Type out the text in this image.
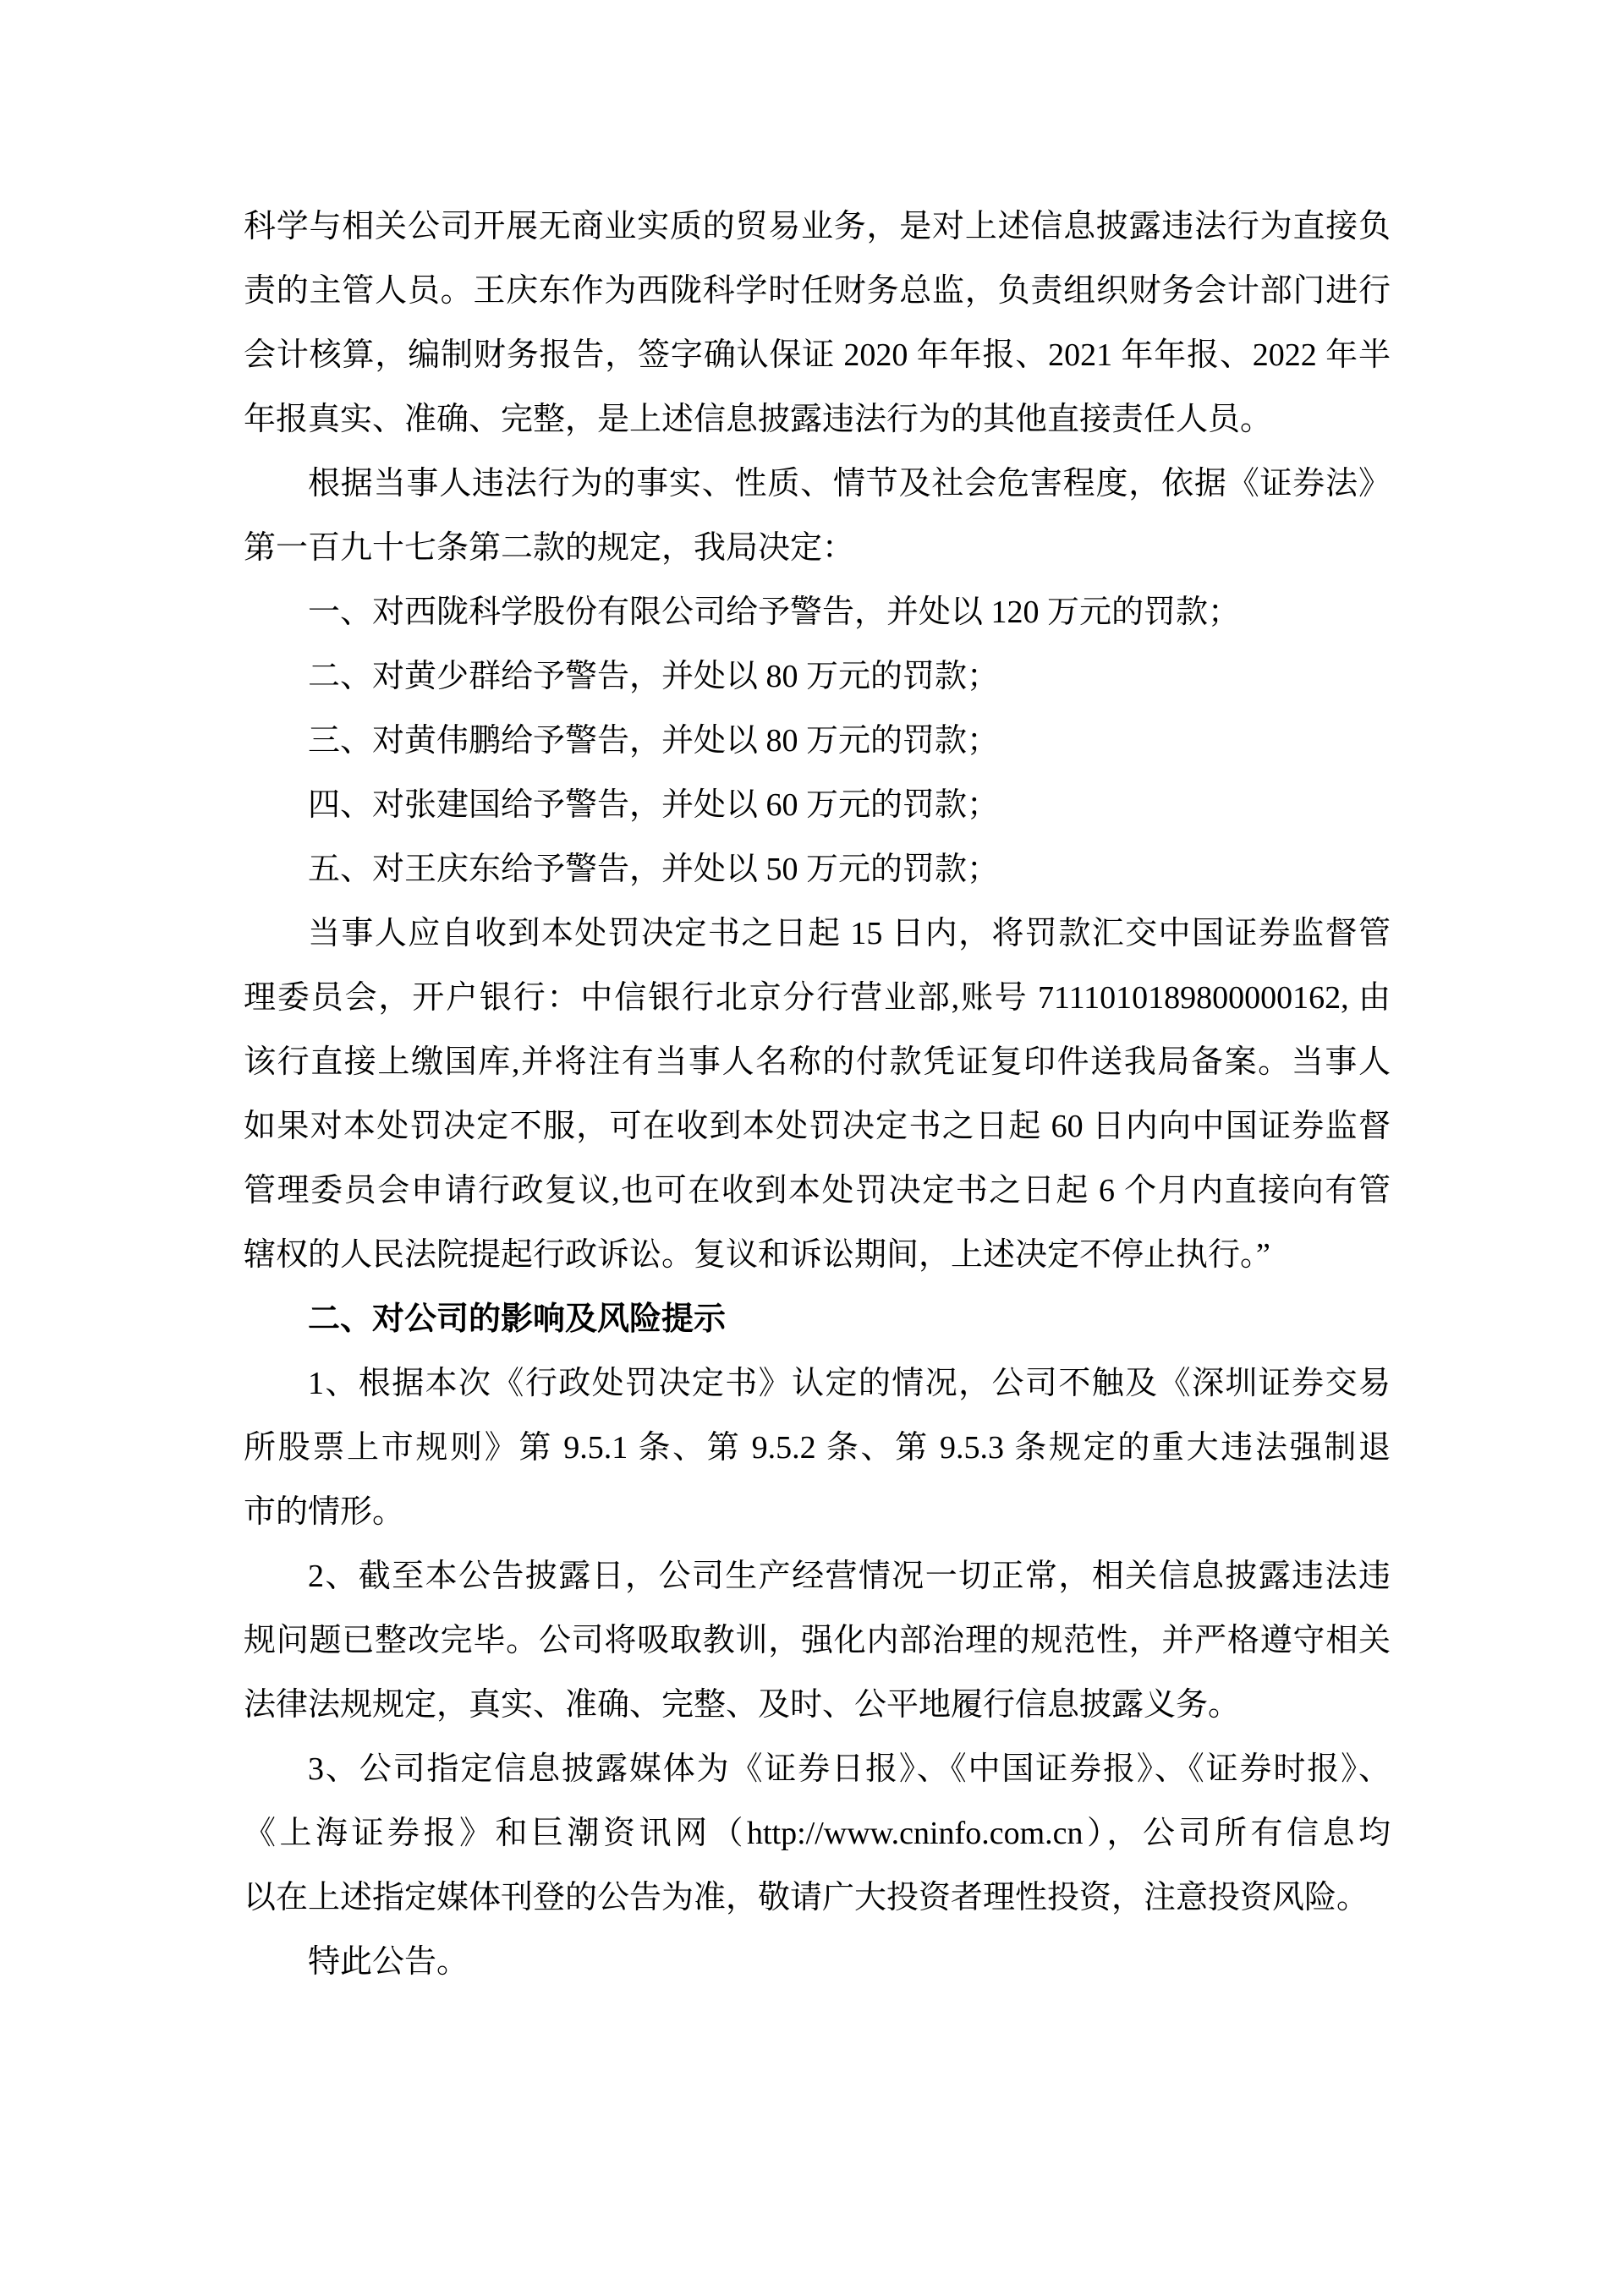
科学与相关公司开展无商业实质的贸易业务，是对上述信息披露违法行为直接负
责的主管人员。王庆东作为西陇科学时任财务总监，负责组织财务会计部门进行
会计核算，编制财务报告，签字确认保证 2020 年年报、2021 年年报、2022 年半
年报真实、准确、完整，是上述信息披露违法行为的其他直接责任人员。
根据当事人违法行为的事实、性质、情节及社会危害程度，依据《证券法》
第一百九十七条第二款的规定，我局决定：
一、对西陇科学股份有限公司给予警告，并处以 120 万元的罚款；
二、对黄少群给予警告，并处以 80 万元的罚款；
三、对黄伟鹏给予警告，并处以 80 万元的罚款；
四、对张建国给予警告，并处以 60 万元的罚款；
五、对王庆东给予警告，并处以 50 万元的罚款；
当事人应自收到本处罚决定书之日起 15 日内，将罚款汇交中国证券监督管
理委员会，开户银行：中信银行北京分行营业部,账号 7111010189800000162, 由
该行直接上缴国库,并将注有当事人名称的付款凭证复印件送我局备案。当事人
如果对本处罚决定不服，可在收到本处罚决定书之日起 60 日内向中国证券监督
管理委员会申请行政复议,也可在收到本处罚决定书之日起 6 个月内直接向有管
辖权的人民法院提起行政诉讼。复议和诉讼期间，上述决定不停止执行。”
二、对公司的影响及风险提示
1、根据本次《行政处罚决定书》认定的情况，公司不触及《深圳证券交易
所股票上市规则》第 9.5.1 条、第 9.5.2 条、第 9.5.3 条规定的重大违法强制退
市的情形。
2、截至本公告披露日，公司生产经营情况一切正常，相关信息披露违法违
规问题已整改完毕。公司将吸取教训，强化内部治理的规范性，并严格遵守相关
法律法规规定，真实、准确、完整、及时、公平地履行信息披露义务。
3、公司指定信息披露媒体为《证券日报》、《中国证券报》、《证券时报》、
《上海证券报》和巨潮资讯网（http://www.cninfo.com.cn），公司所有信息均
以在上述指定媒体刊登的公告为准，敬请广大投资者理性投资，注意投资风险。
特此公告。
